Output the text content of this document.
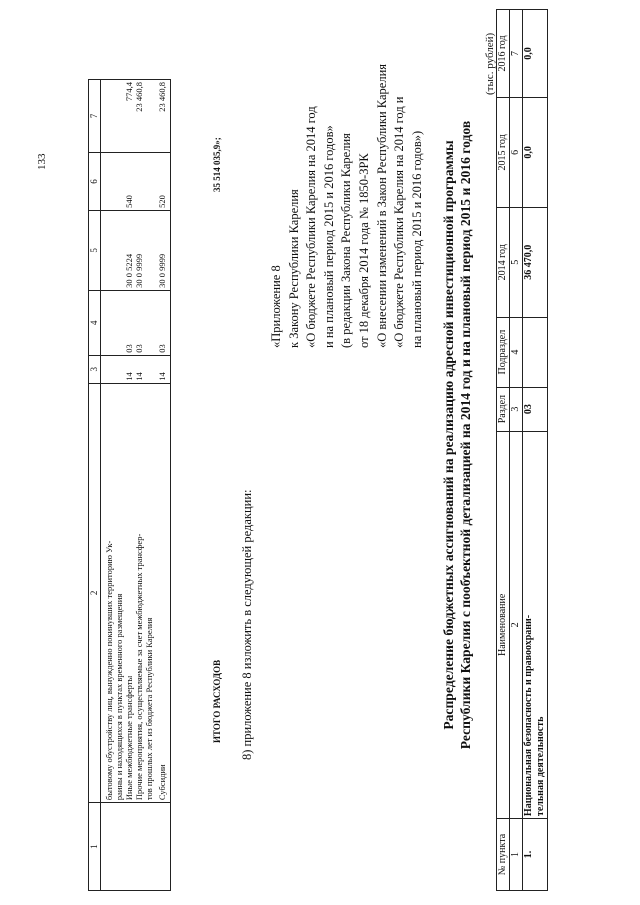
133
1	2	3	4	5	6	7

	бытовому обустройству лиц, вынужденно покинувших территорию Ук- раины и находящихся в пунктах временного размещения					

	Иные межбюджетные трансферты	14	03	30 0 5224	540	774,4

	Прочие мероприятия, осуществляемые за счет межбюджетных трансфер- тов прошлых лет из бюджета Республики Карелия	14	03	30 0 9999		23 460,8

	Субсидии	14	03	30 0 9999	520	23 460,8

ИТОГО РАСХОДОВ
35 514 035,9»;
8) приложение 8 изложить в следующей редакции:
«Приложение 8 к Закону Республики Карелия «О бюджете Республики Карелия на 2014 год и на плановый период 2015 и 2016 годов» (в редакции Закона Республики Карелия от 18 декабря 2014 года № 1850-ЗРК «О внесении изменений в Закон Республики Карелия «О бюджете Республики Карелия на 2014 год и на плановый период 2015 и 2016 годов») Распределение бюджетных ассигнований на реализацию адресной инвестиционной программы Республики Карелия с пообъектной детализацией на 2014 год и на плановый период 2015 и 2016 годов
(тыс. рублей)
№ пункта	Наименование	Раздел	Подраздел	2014 год	2015 год	2016 год
1	2	3	4	5	6	7
1.	Национальная безопасность и правоохрани- тельная деятельность	03		36 470,0	0,0	0,0
